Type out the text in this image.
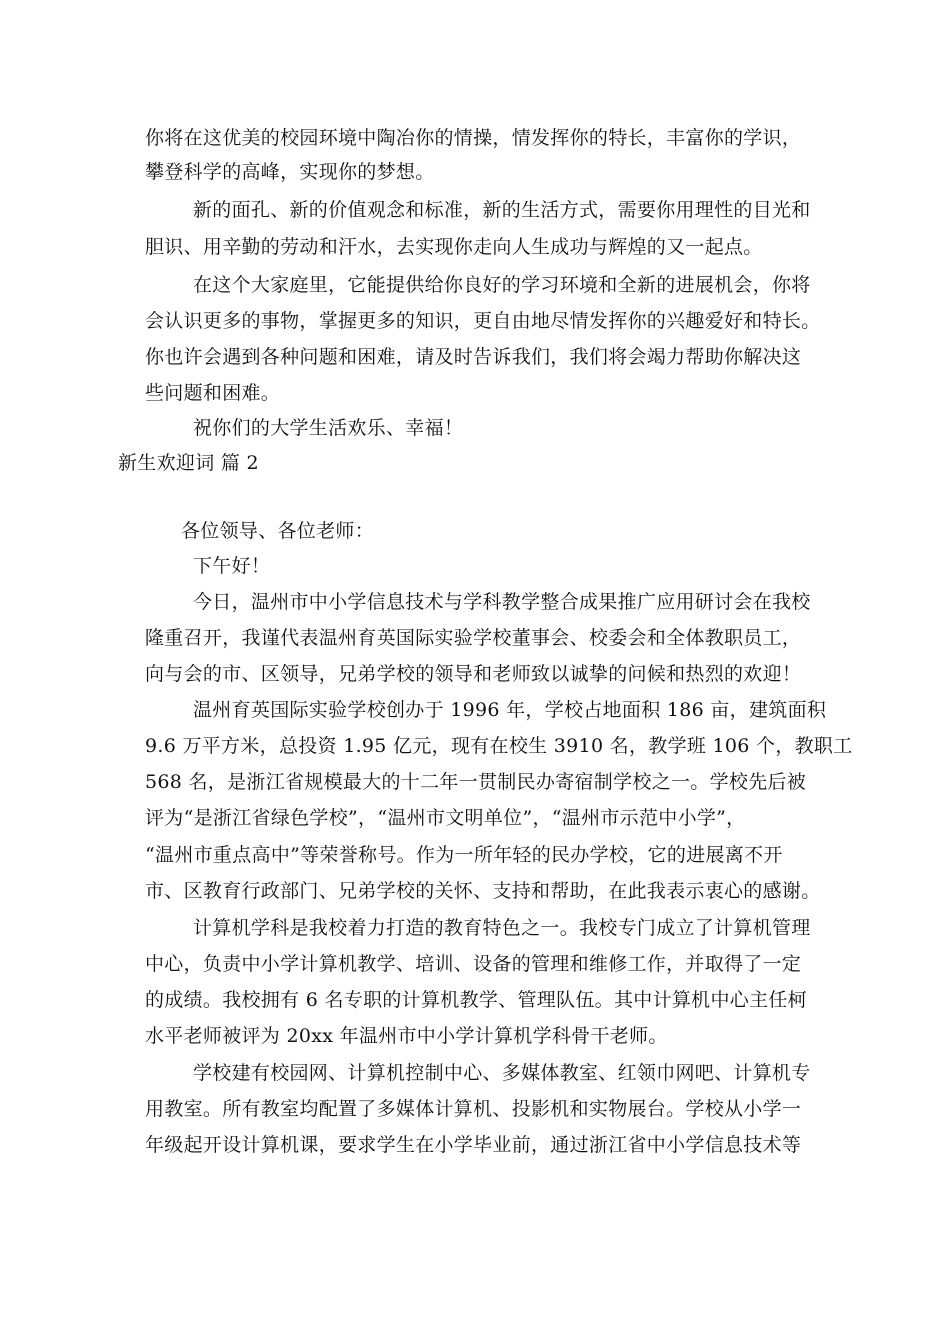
你将在这优美的校园环境中陶冶你的情操，情发挥你的特长，丰富你的学识，
攀登科学的高峰，实现你的梦想。
新的面孔、新的价值观念和标准，新的生活方式，需要你用理性的目光和
胆识、用辛勤的劳动和汗水，去实现你走向人生成功与辉煌的又一起点。
在这个大家庭里，它能提供给你良好的学习环境和全新的进展机会，你将
会认识更多的事物，掌握更多的知识，更自由地尽情发挥你的兴趣爱好和特长。
你也许会遇到各种问题和困难，请及时告诉我们，我们将会竭力帮助你解决这
些问题和困难。
祝你们的大学生活欢乐、幸福！
新生欢迎词 篇 2
各位领导、各位老师：
下午好！
今日，温州市中小学信息技术与学科教学整合成果推广应用研讨会在我校
隆重召开，我谨代表温州育英国际实验学校董事会、校委会和全体教职员工，
向与会的市、区领导，兄弟学校的领导和老师致以诚挚的问候和热烈的欢迎！
温州育英国际实验学校创办于 1996 年，学校占地面积 186 亩，建筑面积
9.6 万平方米，总投资 1.95 亿元，现有在校生 3910 名，教学班 106 个，教职工
568 名，是浙江省规模最大的十二年一贯制民办寄宿制学校之一。学校先后被
评为“是浙江省绿色学校”，“温州市文明单位”，“温州市示范中小学”，
“温州市重点高中”等荣誉称号。作为一所年轻的民办学校，它的进展离不开
市、区教育行政部门、兄弟学校的关怀、支持和帮助，在此我表示衷心的感谢。
计算机学科是我校着力打造的教育特色之一。我校专门成立了计算机管理
中心，负责中小学计算机教学、培训、设备的管理和维修工作，并取得了一定
的成绩。我校拥有 6 名专职的计算机教学、管理队伍。其中计算机中心主任柯
水平老师被评为 20xx 年温州市中小学计算机学科骨干老师。
学校建有校园网、计算机控制中心、多媒体教室、红领巾网吧、计算机专
用教室。所有教室均配置了多媒体计算机、投影机和实物展台。学校从小学一
年级起开设计算机课，要求学生在小学毕业前，通过浙江省中小学信息技术等
